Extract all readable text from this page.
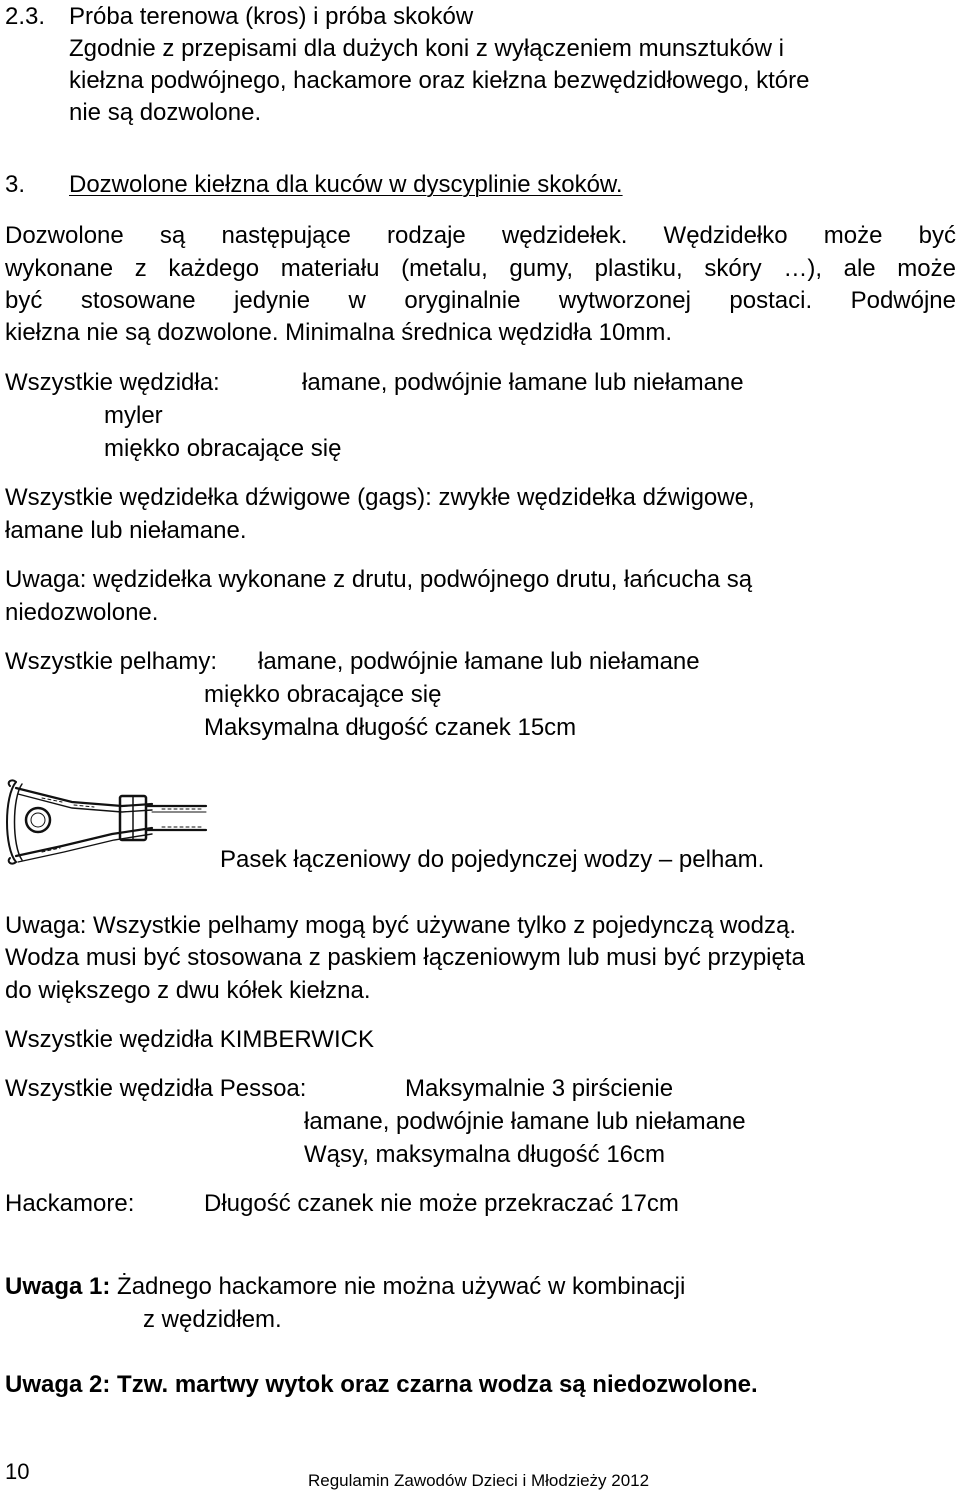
2.3. Próba terenowa (kros) i próba skoków

Zgodnie z przepisami dla dużych koni z wyłączeniem munsztuków i

kiełzna podwójnego, hackamore oraz kiełzna bezwędzidłowego, które

nie są dozwolone.

3. Dozwolone kiełzna dla kuców w dyscyplinie skoków.

Dozwolone są następujące rodzaje wędzidełek. Wędzidełko może być

wykonane z każdego materiału (metalu, gumy, plastiku, skóry …), ale może

być stosowane jedynie w oryginalnie wytworzonej postaci. Podwójne

kiełzna nie są dozwolone. Minimalna średnica wędzidła 10mm.

Wszystkie wędzidła:	łamane, podwójnie łamane lub niełamane

myler

miękko obracające się

Wszystkie wędzidełka dźwigowe (gags): zwykłe wędzidełka dźwigowe,

łamane lub niełamane.

Uwaga: wędzidełka wykonane z drutu, podwójnego drutu, łańcucha są

niedozwolone.

Wszystkie pelhamy: łamane, podwójnie łamane lub niełamane

miękko obracające się

Maksymalna długość czanek 15cm

Pasek łączeniowy do pojedynczej wodzy – pelham.

Uwaga: Wszystkie pelhamy mogą być używane tylko z pojedynczą wodzą.

Wodza musi być stosowana z paskiem łączeniowym lub musi być przypięta

do większego z dwu kółek kiełzna.

Wszystkie wędzidła KIMBERWICK

Wszystkie wędzidła Pessoa:	Maksymalnie 3 pirścienie

łamane, podwójnie łamane lub niełamane

Wąsy, maksymalna długość 16cm

Hackamore:	Długość czanek nie może przekraczać 17cm

Uwaga 1: Żadnego hackamore nie można używać w kombinacji

z wędzidłem.

Uwaga 2: Tzw. martwy wytok oraz czarna wodza są niedozwolone.

10	Regulamin Zawodów Dzieci i Młodzieży 2012
